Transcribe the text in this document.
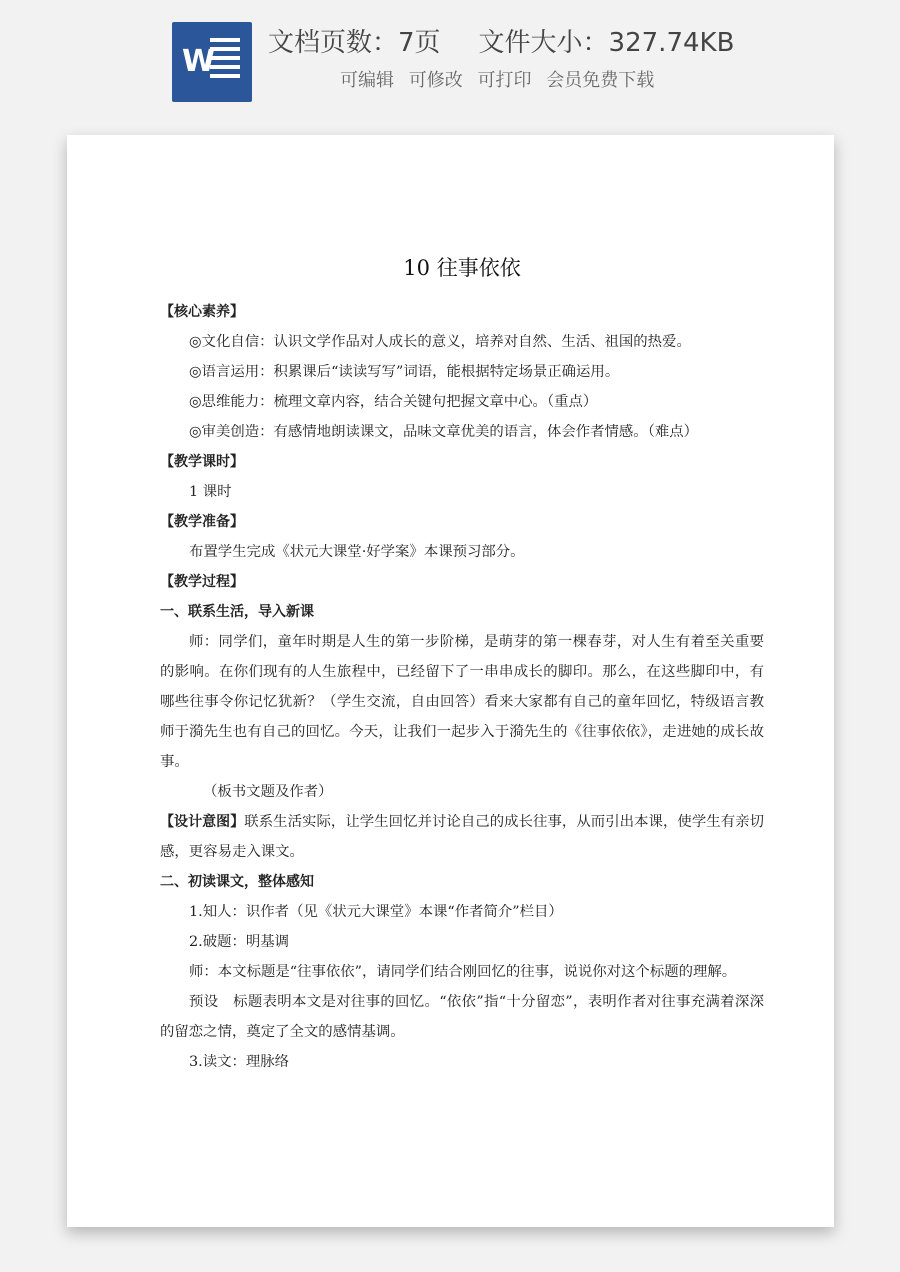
W
文档页数：7页 文件大小：327.74KB
可编辑 可修改 可打印 会员免费下载
10 往事依依

【核心素养】

◎文化自信：认识文学作品对人成长的意义，培养对自然、生活、祖国的热爱。

◎语言运用：积累课后“读读写写”词语，能根据特定场景正确运用。

◎思维能力：梳理文章内容，结合关键句把握文章中心。（重点）

◎审美创造：有感情地朗读课文，品味文章优美的语言，体会作者情感。（难点）

【教学课时】

1 课时

【教学准备】

布置学生完成《状元大课堂·好学案》本课预习部分。

【教学过程】

一、联系生活，导入新课

师：同学们，童年时期是人生的第一步阶梯，是萌芽的第一棵春芽，对人生有着至关重要的影响。在你们现有的人生旅程中，已经留下了一串串成长的脚印。那么，在这些脚印中，有哪些往事令你记忆犹新？（学生交流，自由回答）看来大家都有自己的童年回忆，特级语言教师于漪先生也有自己的回忆。今天，让我们一起步入于漪先生的《往事依依》，走进她的成长故事。

（板书文题及作者）

【设计意图】联系生活实际，让学生回忆并讨论自己的成长往事，从而引出本课，使学生有亲切感，更容易走入课文。

二、初读课文，整体感知

1.知人：识作者（见《状元大课堂》本课“作者简介”栏目）

2.破题：明基调

师：本文标题是“往事依依”，请同学们结合刚回忆的往事，说说你对这个标题的理解。

预设　标题表明本文是对往事的回忆。“依依”指“十分留恋”，表明作者对往事充满着深深的留恋之情，奠定了全文的感情基调。

3.读文：理脉络
